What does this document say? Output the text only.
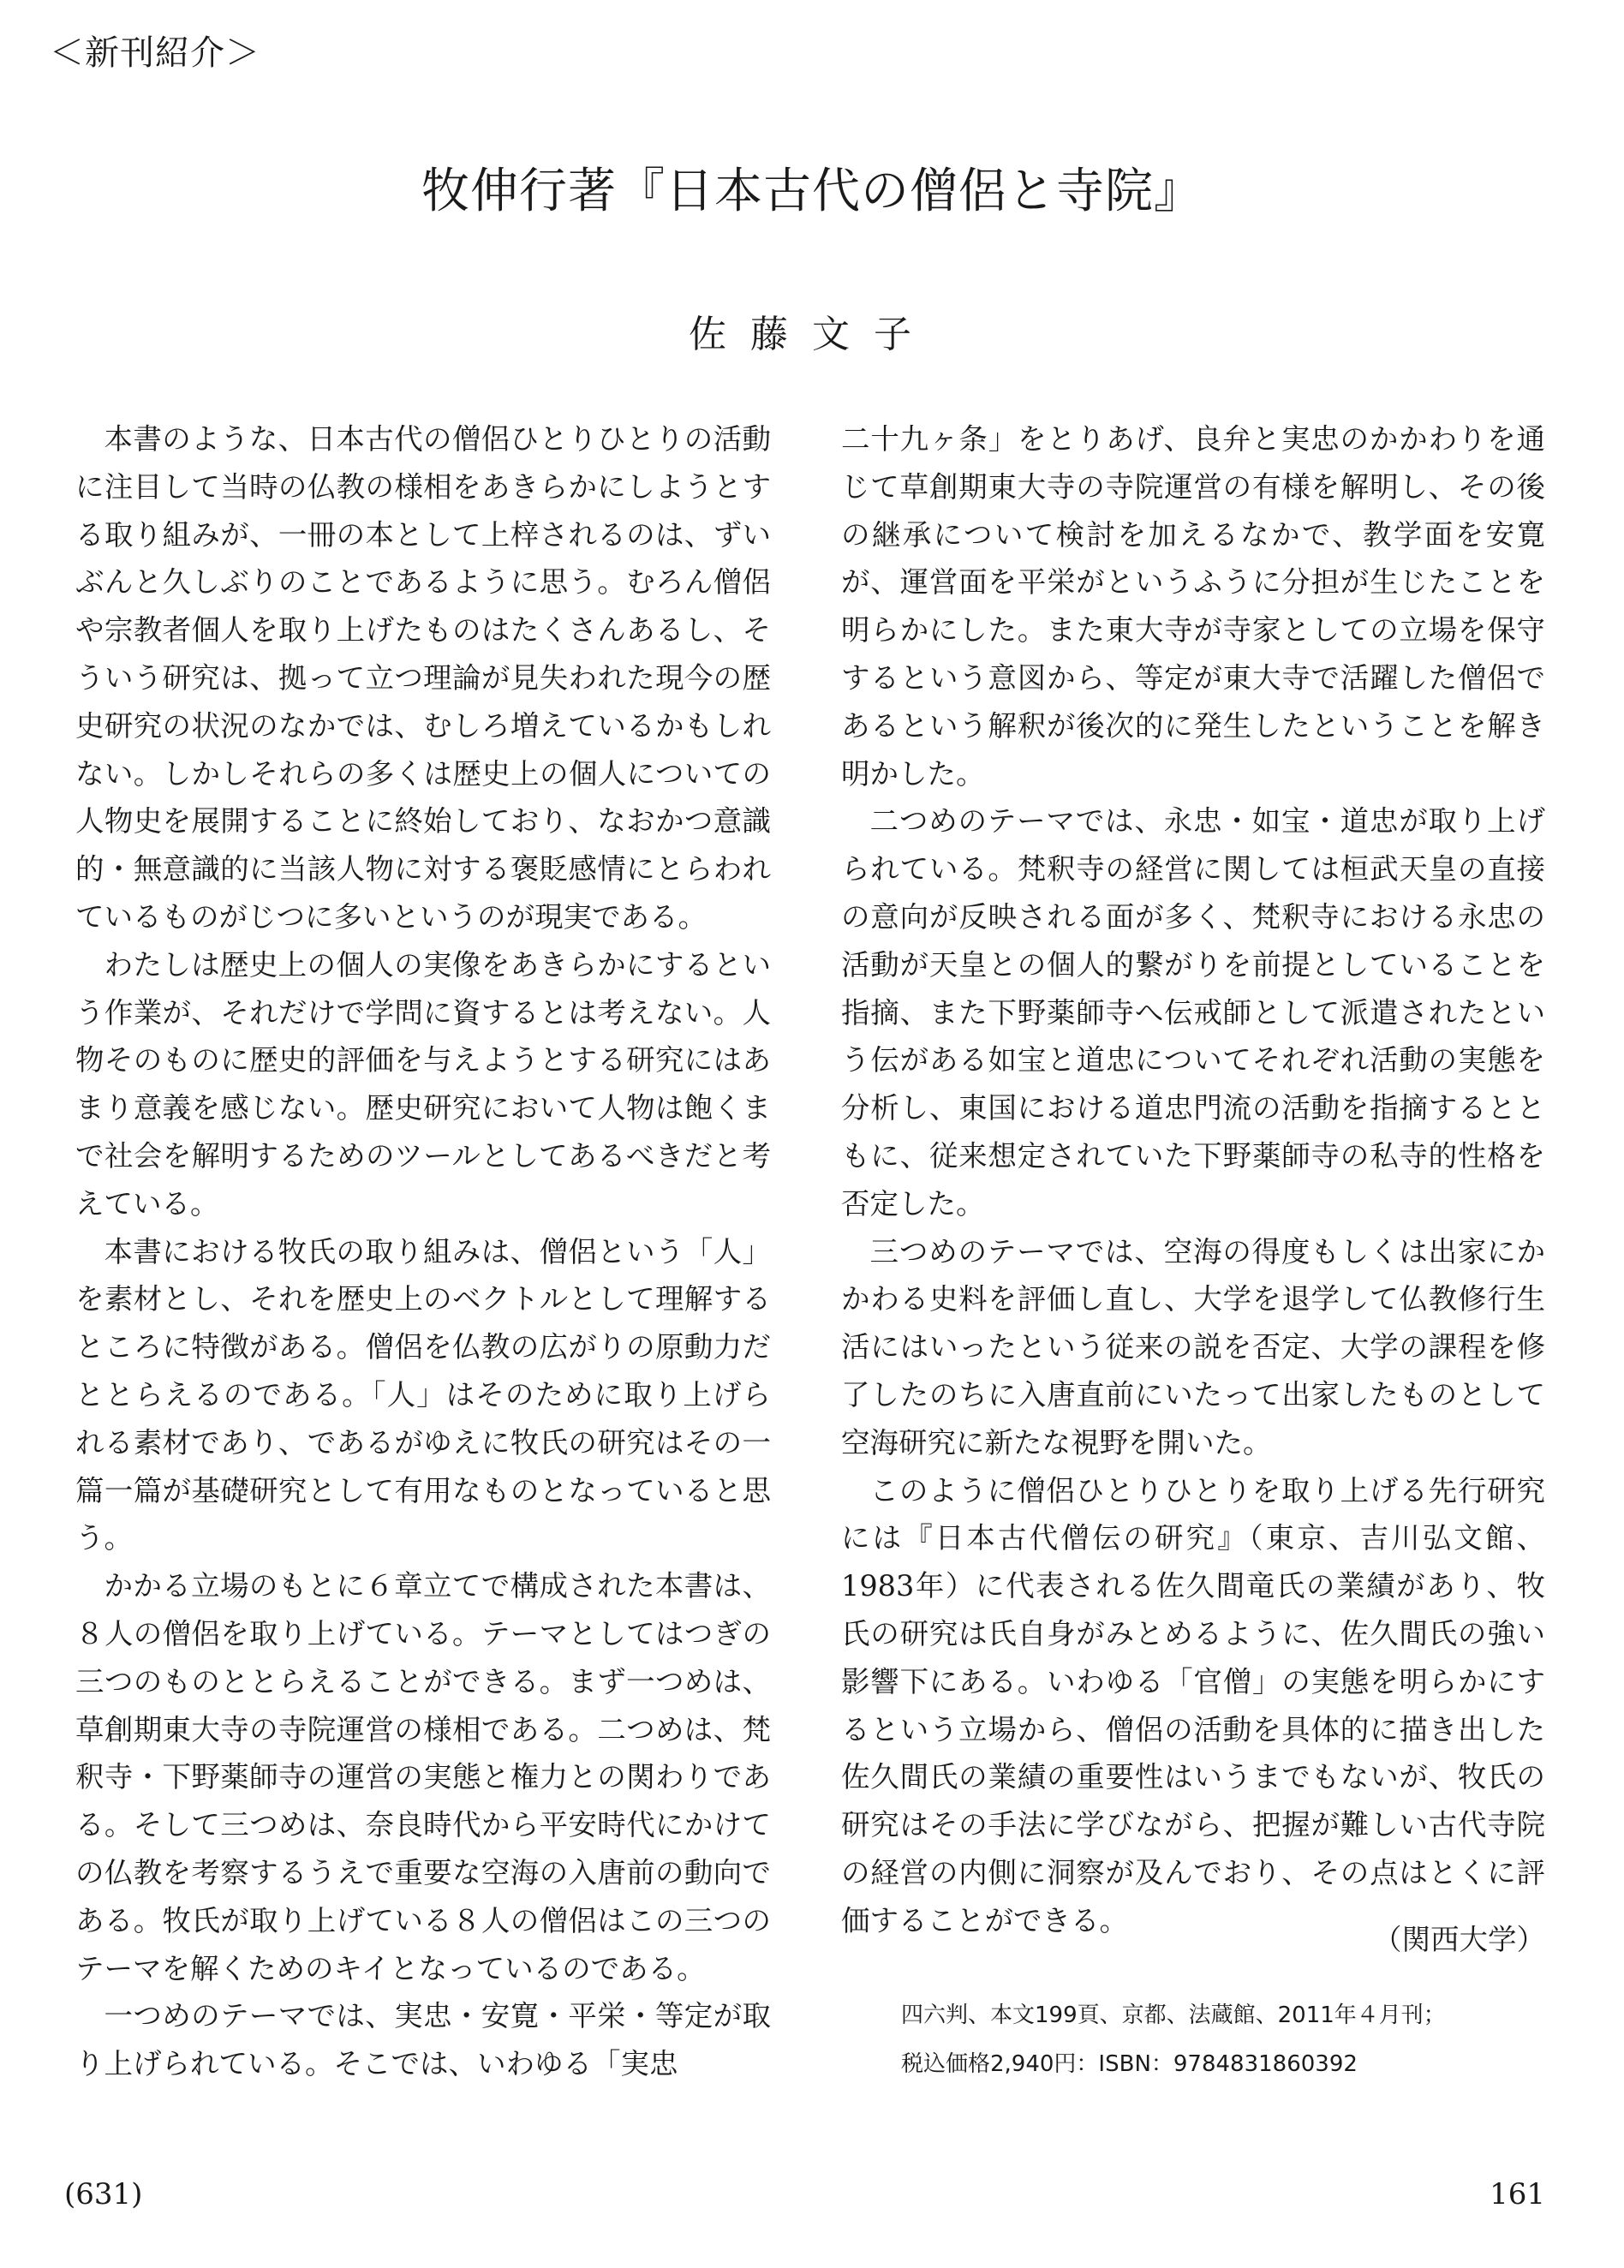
＜新刊紹介＞
牧伸行著『日本古代の僧侶と寺院』
佐藤文子

本書のような、日本古代の僧侶ひとりひとりの活動に注目して当時の仏教の様相をあきらかにしようとする取り組みが、一冊の本として上梓されるのは、ずいぶんと久しぶりのことであるように思う。むろん僧侶や宗教者個人を取り上げたものはたくさんあるし、そういう研究は、拠って立つ理論が見失われた現今の歴史研究の状況のなかでは、むしろ増えているかもしれない。しかしそれらの多くは歴史上の個人についての人物史を展開することに終始しており、なおかつ意識的・無意識的に当該人物に対する褒貶感情にとらわれているものがじつに多いというのが現実である。

わたしは歴史上の個人の実像をあきらかにするという作業が、それだけで学問に資するとは考えない。人物そのものに歴史的評価を与えようとする研究にはあまり意義を感じない。歴史研究において人物は飽くまで社会を解明するためのツールとしてあるべきだと考えている。

本書における牧氏の取り組みは、僧侶という「人」を素材とし、それを歴史上のベクトルとして理解するところに特徴がある。僧侶を仏教の広がりの原動力だととらえるのである。「人」はそのために取り上げられる素材であり、であるがゆえに牧氏の研究はその一篇一篇が基礎研究として有用なものとなっていると思う。

かかる立場のもとに６章立てで構成された本書は、８人の僧侶を取り上げている。テーマとしてはつぎの三つのものととらえることができる。まず一つめは、草創期東大寺の寺院運営の様相である。二つめは、梵釈寺・下野薬師寺の運営の実態と権力との関わりである。そして三つめは、奈良時代から平安時代にかけての仏教を考察するうえで重要な空海の入唐前の動向である。牧氏が取り上げている８人の僧侶はこの三つのテーマを解くためのキイとなっているのである。

一つめのテーマでは、実忠・安寛・平栄・等定が取り上げられている。そこでは、いわゆる「実忠

二十九ヶ条」をとりあげ、良弁と実忠のかかわりを通じて草創期東大寺の寺院運営の有様を解明し、その後の継承について検討を加えるなかで、教学面を安寛が、運営面を平栄がというふうに分担が生じたことを明らかにした。また東大寺が寺家としての立場を保守するという意図から、等定が東大寺で活躍した僧侶であるという解釈が後次的に発生したということを解き明かした。

二つめのテーマでは、永忠・如宝・道忠が取り上げられている。梵釈寺の経営に関しては桓武天皇の直接の意向が反映される面が多く、梵釈寺における永忠の活動が天皇との個人的繋がりを前提としていることを指摘、また下野薬師寺へ伝戒師として派遣されたという伝がある如宝と道忠についてそれぞれ活動の実態を分析し、東国における道忠門流の活動を指摘するとともに、従来想定されていた下野薬師寺の私寺的性格を否定した。

三つめのテーマでは、空海の得度もしくは出家にかかわる史料を評価し直し、大学を退学して仏教修行生活にはいったという従来の説を否定、大学の課程を修了したのちに入唐直前にいたって出家したものとして空海研究に新たな視野を開いた。

このように僧侶ひとりひとりを取り上げる先行研究には『日本古代僧伝の研究』（東京、吉川弘文館、1983年）に代表される佐久間竜氏の業績があり、牧氏の研究は氏自身がみとめるように、佐久間氏の強い影響下にある。いわゆる「官僧」の実態を明らかにするという立場から、僧侶の活動を具体的に描き出した佐久間氏の業績の重要性はいうまでもないが、牧氏の研究はその手法に学びながら、把握が難しい古代寺院の経営の内側に洞察が及んでおり、その点はとくに評価することができる。

（関西大学）
四六判、本文199頁、京都、法蔵館、2011年４月刊；
税込価格2,940円：ISBN：9784831860392
(631)	161
